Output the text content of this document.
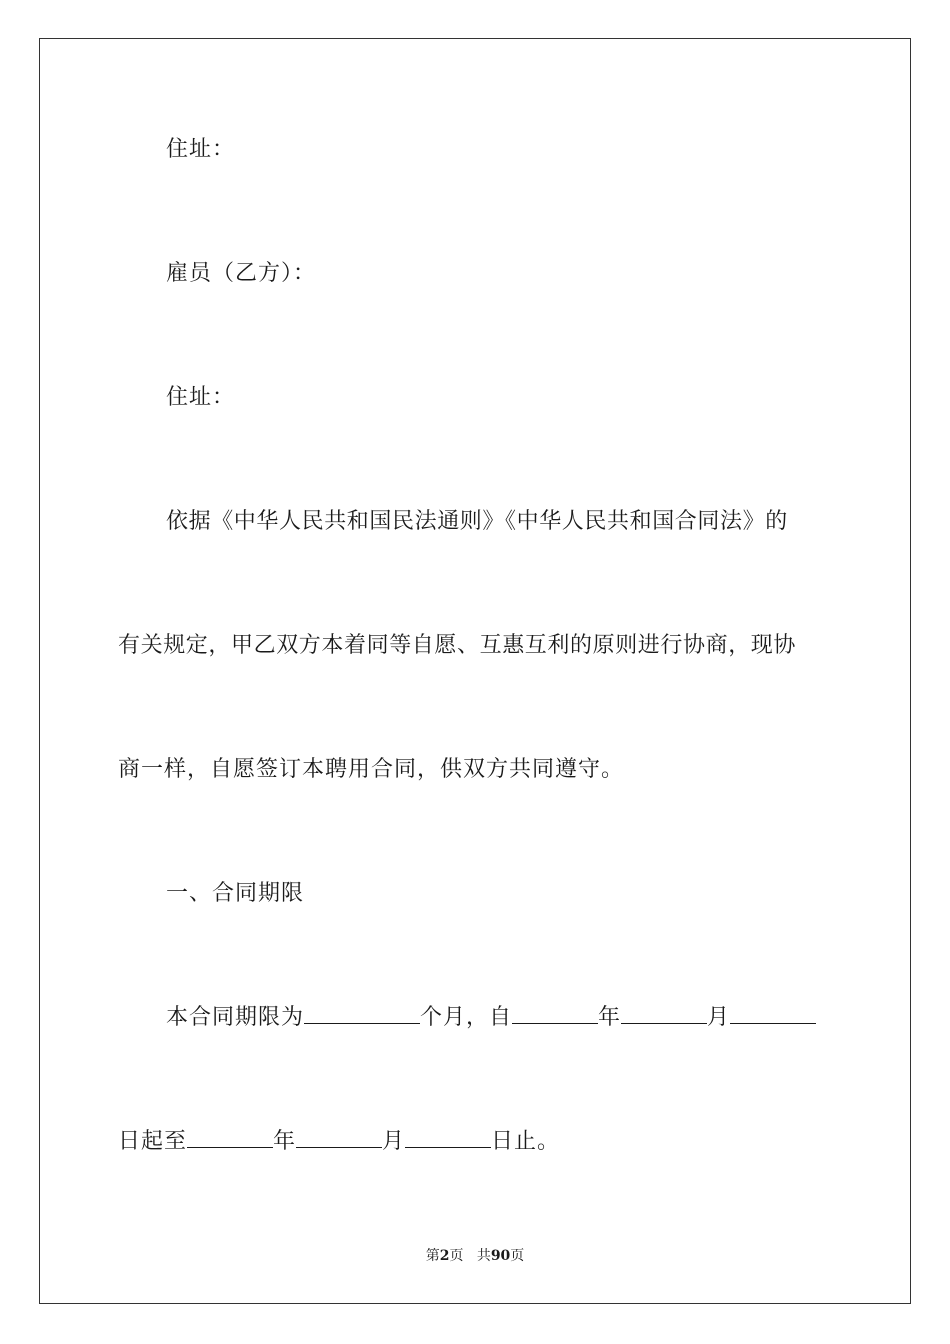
住址：
雇员（乙方）：
住址：
依据《中华人民共和国民法通则》《中华人民共和国合同法》的
有关规定，甲乙双方本着同等自愿、互惠互利的原则进行协商，现协
商一样，自愿签订本聘用合同，供双方共同遵守。
一、合同期限
本合同期限为	个月，自	年	月
日起至	年	月	日止。
第2页 共90页
